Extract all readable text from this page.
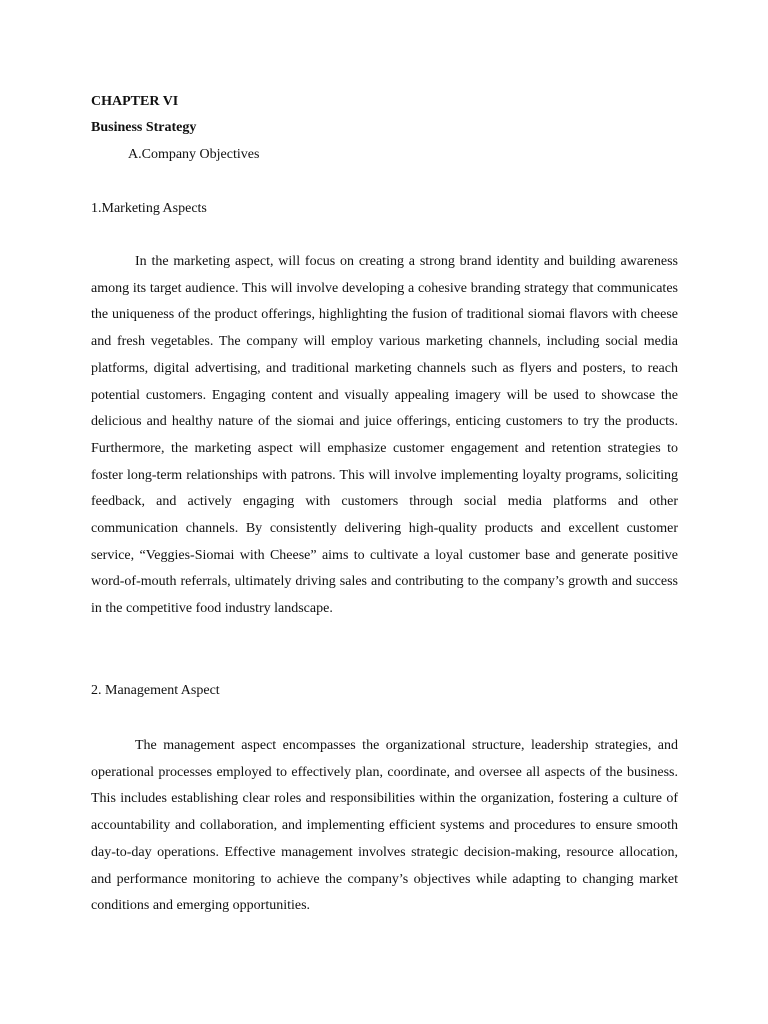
CHAPTER VI

Business Strategy

A.Company Objectives

1.Marketing Aspects

In the marketing aspect, will focus on creating a strong brand identity and building awareness among its target audience. This will involve developing a cohesive branding strategy that communicates the uniqueness of the product offerings, highlighting the fusion of traditional siomai flavors with cheese and fresh vegetables. The company will employ various marketing channels, including social media platforms, digital advertising, and traditional marketing channels such as flyers and posters, to reach potential customers. Engaging content and visually appealing imagery will be used to showcase the delicious and healthy nature of the siomai and juice offerings, enticing customers to try the products. Furthermore, the marketing aspect will emphasize customer engagement and retention strategies to foster long-term relationships with patrons. This will involve implementing loyalty programs, soliciting feedback, and actively engaging with customers through social media platforms and other communication channels. By consistently delivering high-quality products and excellent customer service, “Veggies-Siomai with Cheese” aims to cultivate a loyal customer base and generate positive word-of-mouth referrals, ultimately driving sales and contributing to the company’s growth and success in the competitive food industry landscape.

2. Management Aspect

The management aspect encompasses the organizational structure, leadership strategies, and operational processes employed to effectively plan, coordinate, and oversee all aspects of the business. This includes establishing clear roles and responsibilities within the organization, fostering a culture of accountability and collaboration, and implementing efficient systems and procedures to ensure smooth day-to-day operations. Effective management involves strategic decision-making, resource allocation, and performance monitoring to achieve the company’s objectives while adapting to changing market conditions and emerging opportunities.
